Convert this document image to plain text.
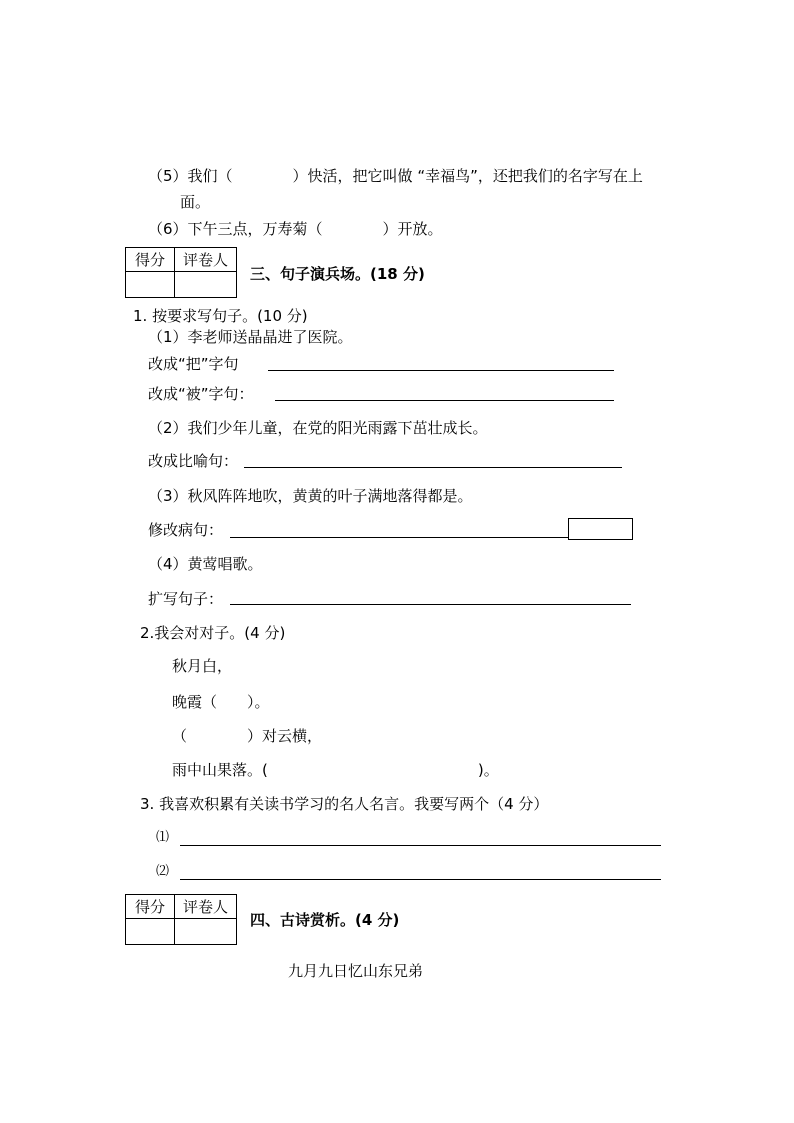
（5）我们（　　　　）快活，把它叫做 “幸福鸟”，还把我们的名字写在上
面。
（6）下午三点，万寿菊（　　　　）开放。
得分	评卷人

三、句子演兵场。(18 分)
1. 按要求写句子。(10 分)
（1）李老师送晶晶进了医院。
改成“把”字句
改成“被”字句：
（2）我们少年儿童，在党的阳光雨露下茁壮成长。
改成比喻句：
（3）秋风阵阵地吹，黄黄的叶子满地落得都是。
修改病句：
（4）黄莺唱歌。
扩写句子：
2.我会对对子。(4 分)
秋月白，
晚霞（　　）。
（　　　　）对云横，
雨中山果落。(　　　　　　　　　　　　　　)。
3. 我喜欢积累有关读书学习的名人名言。我要写两个（4 分）
⑴
⑵
得分	评卷人

四、古诗赏析。(4 分)
九月九日忆山东兄弟
